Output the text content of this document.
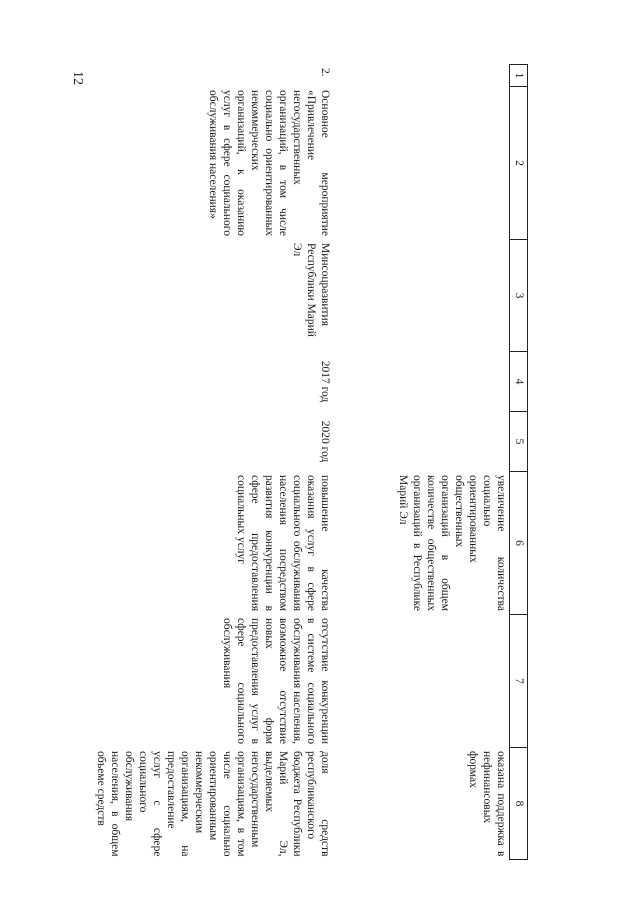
12	1	2	3	4	5	6	7	8
					увеличение количества социально ориентированных общественных организаций в общем количестве общественных организаций в Республике Марий Эл		оказана поддержка в нефинансовых формах

2.	Основное мероприятие «Привлечение негосударственных организаций, в том числе социально ориентированных некоммерческих организаций, к оказанию услуг в сфере социального обслуживания населения»	Минсоцразвития Республики Марий Эл	2017 год	2020 год	повышение качества оказания услуг в сфере социального обслуживания населения посредством развития конкуренции в сфере предоставления социальных услуг	отсутствие конкуренции в системе социального обслуживания населения, возможное отсутствие новых форм предоставления услуг в сфере социального обслуживания	доля средств республиканского бюджета Республики Марий Эл, выделяемых негосударственным организациям, в том числе социально ориентированным некоммерческим организациям, на предоставление услуг с сфере социального обслуживания населения, в общем объеме средств
